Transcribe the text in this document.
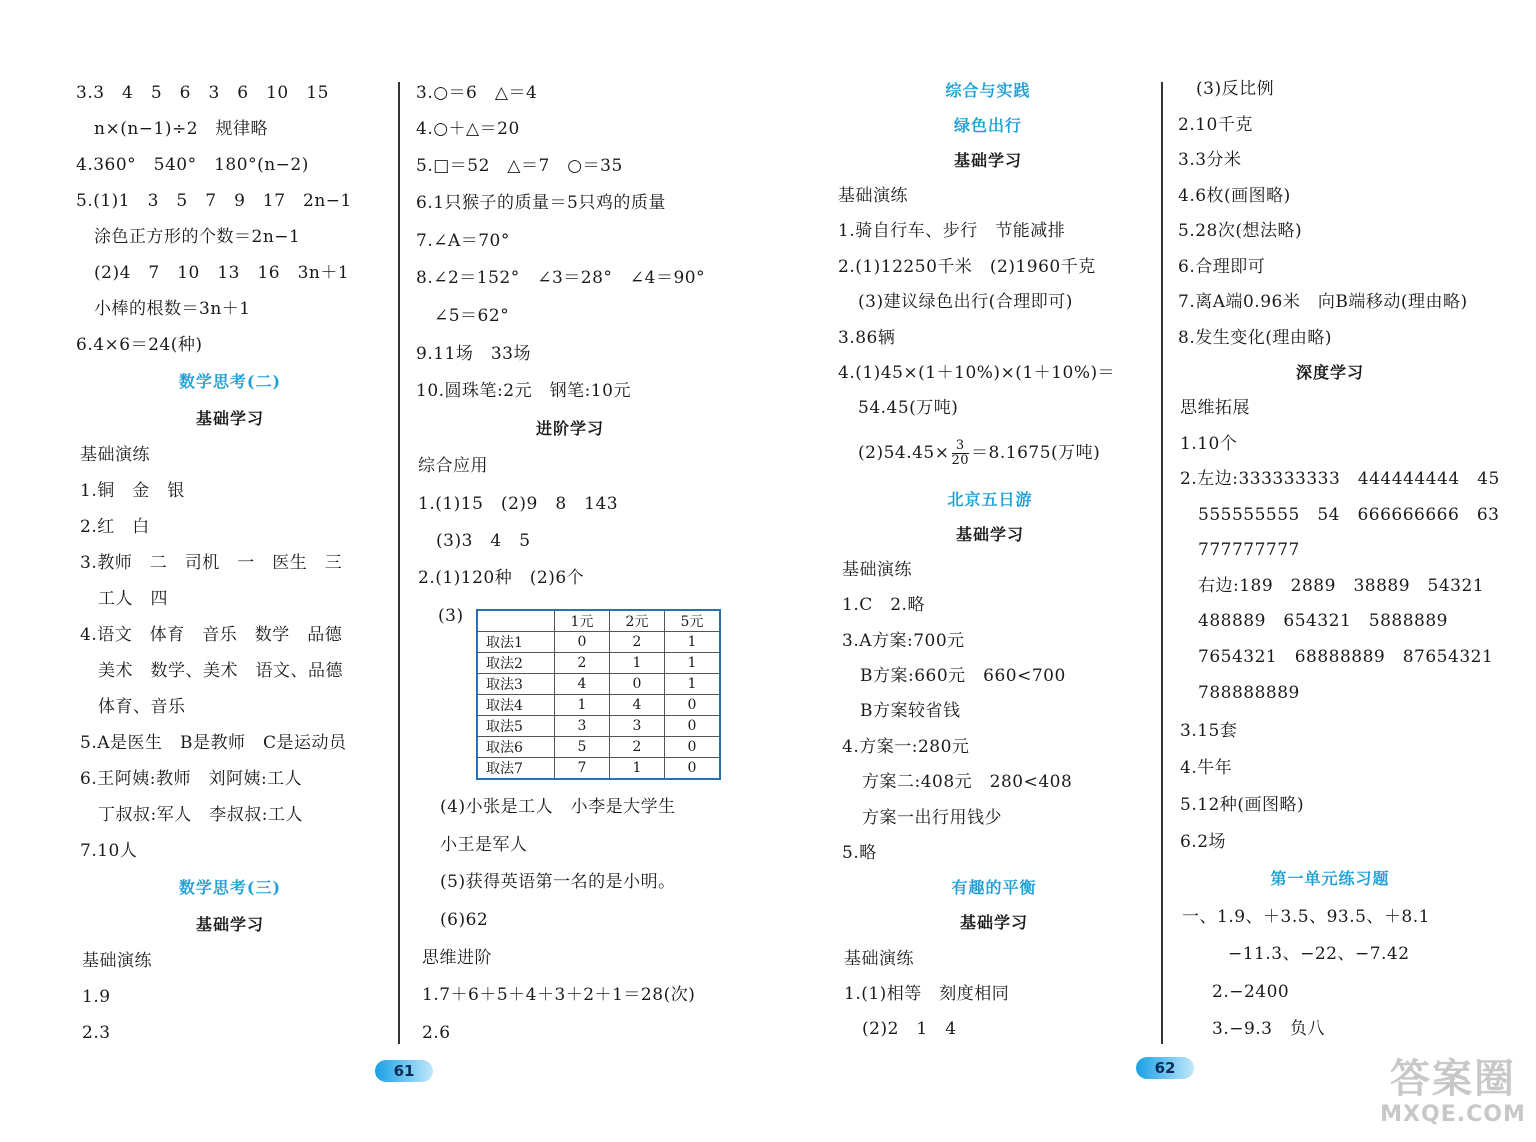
3.3　4　5　6　3　6　10　15
n×(n−1)÷2　规律略
4.360°　540°　180°(n−2)
5.(1)1　3　5　7　9　17　2n−1
涂色正方形的个数＝2n−1
(2)4　7　10　13　16　3n＋1
小棒的根数＝3n＋1
6.4×6＝24(种)
数学思考(二)
基础学习
基础演练
1.铜　金　银
2.红　白
3.教师　二　司机　一　医生　三
工人　四
4.语文　体育　音乐　数学　品德
美术　数学、美术　语文、品德
体育、音乐
5.A是医生　B是教师　C是运动员
6.王阿姨:教师　刘阿姨:工人
丁叔叔:军人　李叔叔:工人
7.10人
数学思考(三)
基础学习
基础演练
1.9
2.3
3.○＝6　△＝4
4.○＋△＝20
5.□＝52　△＝7　○＝35
6.1只猴子的质量＝5只鸡的质量
7.∠A＝70°
8.∠2＝152°　∠3＝28°　∠4＝90°
∠5＝62°
9.11场　33场
10.圆珠笔:2元　钢笔:10元
进阶学习
综合应用
1.(1)15　(2)9　8　143
(3)3　4　5
2.(1)120种　(2)6个
(3)
		1元	2元	5元
取法1	0	2	1
取法2	2	1	1
取法3	4	0	1
取法4	1	4	0
取法5	3	3	0
取法6	5	2	0
取法7	7	1	0
(4)小张是工人　小李是大学生
小王是军人
(5)获得英语第一名的是小明。
(6)62
思维进阶
1.7＋6＋5＋4＋3＋2＋1＝28(次)
2.6
综合与实践
绿色出行
基础学习
基础演练
1.骑自行车、步行　节能减排
2.(1)12250千米　(2)1960千克
(3)建议绿色出行(合理即可)
3.86辆
4.(1)45×(1＋10%)×(1＋10%)＝
54.45(万吨)
$(2)54.45\times \frac{3}{20} =8.1675$(万吨)
北京五日游
基础学习
基础演练
1.C　2.略
3.A方案:700元
B方案:660元　660<700
B方案较省钱
4.方案一:280元
方案二:408元　280<408
方案一出行用钱少
5.略
有趣的平衡
基础学习
基础演练
1.(1)相等　刻度相同
(2)2　1　4
(3)反比例
2.10千克
3.3分米
4.6枚(画图略)
5.28次(想法略)
6.合理即可
7.离A端0.96米　向B端移动(理由略)
8.发生变化(理由略)
深度学习
思维拓展
1.10个
2.左边:333333333　444444444　45
555555555　54　666666666　63
777777777
右边:189　2889　38889　54321
488889　654321　5888889
7654321　68888889　87654321
788888889
3.15套
4.牛年
5.12种(画图略)
6.2场
第一单元练习题
一、1.9、＋3.5、93.5、＋8.1
−11.3、−22、−7.42
2.−2400
3.−9.3　负八
61	62	答案圈
MXQE.COM
